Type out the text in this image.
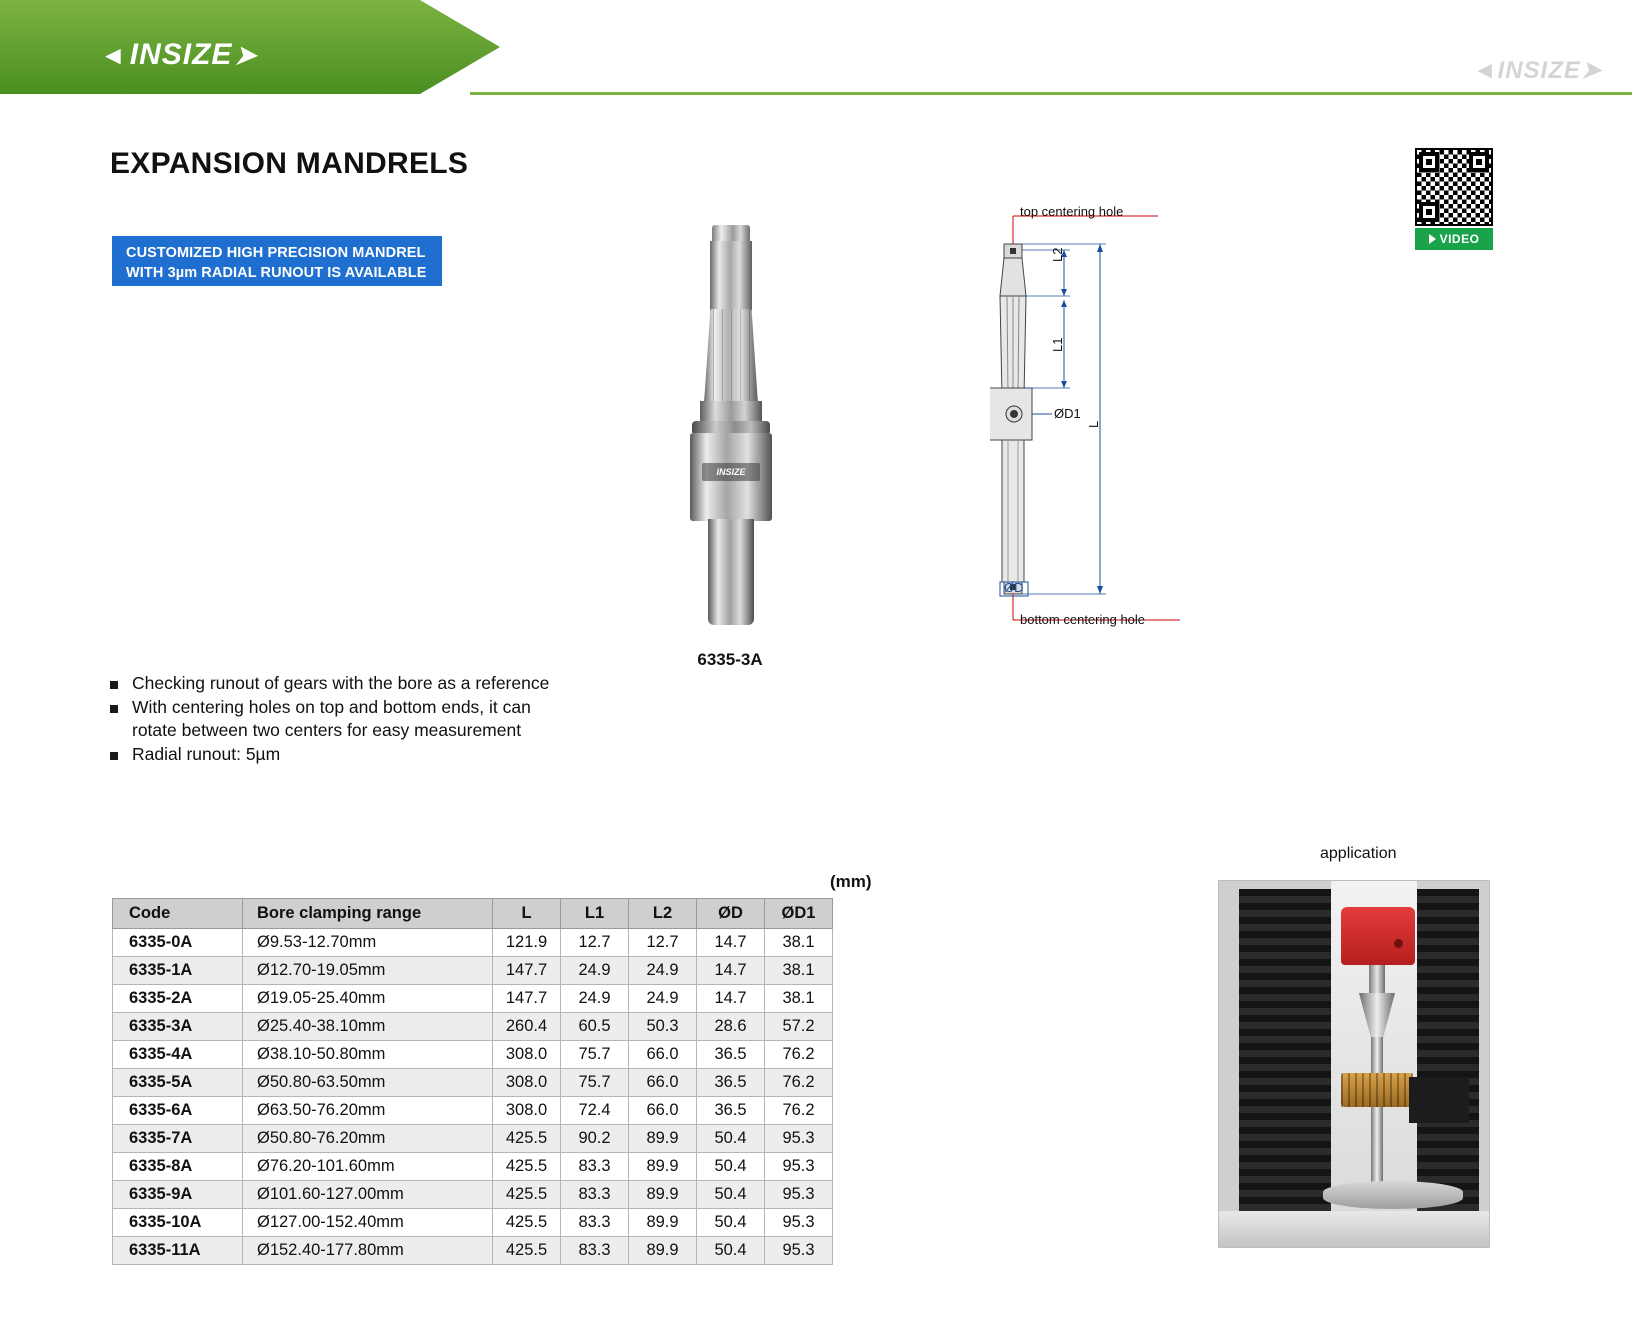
◄ INSIZE ➤
◄ INSIZE ➤
EXPANSION MANDRELS
CUSTOMIZED HIGH PRECISION MANDREL
WITH 3µm RADIAL RUNOUT IS AVAILABLE
Checking runout of gears with the bore as a reference
With centering holes on top and bottom ends, it can rotate between two centers for easy measurement
Radial runout: 5µm
INSIZE
6335-3A
top centering hole
bottom centering hole
L2
L1
L
ØD1
ØD
VIDEO
(mm)
Code	Bore clamping range	L	L1	L2	ØD	ØD1
6335-0A	Ø9.53-12.70mm	121.9	12.7	12.7	14.7	38.1
6335-1A	Ø12.70-19.05mm	147.7	24.9	24.9	14.7	38.1
6335-2A	Ø19.05-25.40mm	147.7	24.9	24.9	14.7	38.1
6335-3A	Ø25.40-38.10mm	260.4	60.5	50.3	28.6	57.2
6335-4A	Ø38.10-50.80mm	308.0	75.7	66.0	36.5	76.2
6335-5A	Ø50.80-63.50mm	308.0	75.7	66.0	36.5	76.2
6335-6A	Ø63.50-76.20mm	308.0	72.4	66.0	36.5	76.2
6335-7A	Ø50.80-76.20mm	425.5	90.2	89.9	50.4	95.3
6335-8A	Ø76.20-101.60mm	425.5	83.3	89.9	50.4	95.3
6335-9A	Ø101.60-127.00mm	425.5	83.3	89.9	50.4	95.3
6335-10A	Ø127.00-152.40mm	425.5	83.3	89.9	50.4	95.3
6335-11A	Ø152.40-177.80mm	425.5	83.3	89.9	50.4	95.3
application
